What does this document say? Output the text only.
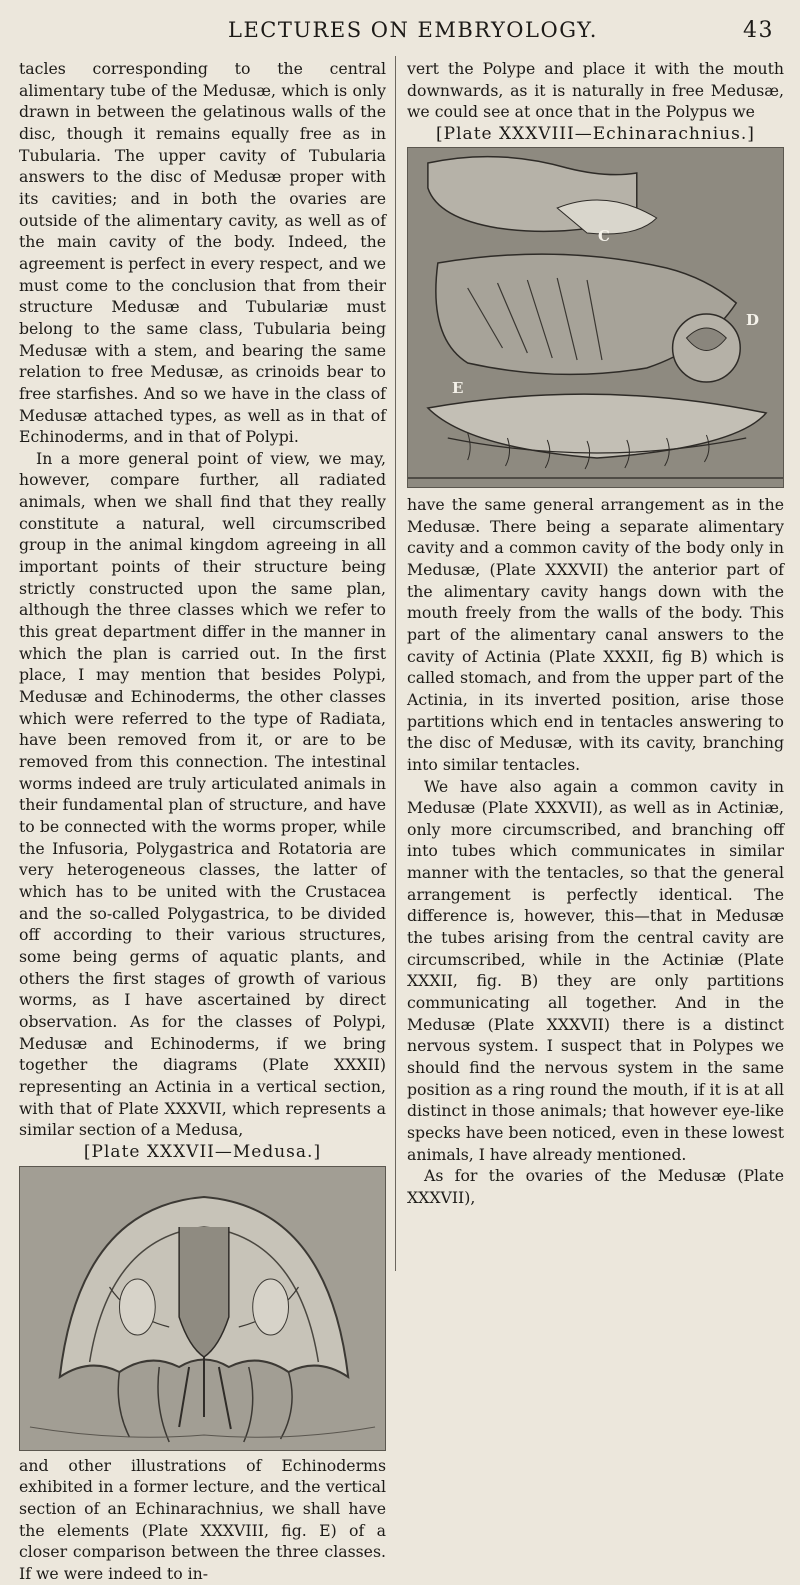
LECTURES ON EMBRYOLOGY.	43

tacles corresponding to the central alimentary tube of the Medusæ, which is only drawn in between the gelatinous walls of the disc, though it remains equally free as in Tubularia. The upper cavity of Tubularia answers to the disc of Medusæ proper with its cavities; and in both the ovaries are outside of the alimentary cavity, as well as of the main cavity of the body. Indeed, the agreement is perfect in every respect, and we must come to the conclusion that from their structure Medusæ and Tubulariæ must belong to the same class, Tubularia being Medusæ with a stem, and bearing the same relation to free Medusæ, as crinoids bear to free starfishes. And so we have in the class of Medusæ attached types, as well as in that of Echinoderms, and in that of Polypi.

In a more general point of view, we may, however, compare further, all radiated animals, when we shall find that they really constitute a natural, well circumscribed group in the animal kingdom agreeing in all important points of their structure being strictly constructed upon the same plan, although the three classes which we refer to this great department differ in the manner in which the plan is carried out. In the first place, I may mention that besides Polypi, Medusæ and Echinoderms, the other classes which were referred to the type of Radiata, have been removed from it, or are to be removed from this connection. The intestinal worms indeed are truly articulated animals in their fundamental plan of structure, and have to be connected with the worms proper, while the Infusoria, Polygastrica and Rotatoria are very heterogeneous classes, the latter of which has to be united with the Crustacea and the so-called Polygastrica, to be divided off according to their various structures, some being germs of aquatic plants, and others the first stages of growth of various worms, as I have ascertained by direct observation. As for the classes of Polypi, Medusæ and Echinoderms, if we bring together the diagrams (Plate XXXII) representing an Actinia in a vertical section, with that of Plate XXXVII, which represents a similar section of a Medusa,

[Plate XXXVII—Medusa.]

and other illustrations of Echinoderms exhibited in a former lecture, and the vertical section of an Echinarachnius, we shall have the elements (Plate XXXVIII, fig. E) of a closer comparison between the three classes. If we were indeed to in-

vert the Polype and place it with the mouth downwards, as it is naturally in free Medusæ, we could see at once that in the Polypus we

[Plate XXXVIII—Echinarachnius.]

C
D
E

have the same general arrangement as in the Medusæ. There being a separate alimentary cavity and a common cavity of the body only in Medusæ, (Plate XXXVII) the anterior part of the alimentary cavity hangs down with the mouth freely from the walls of the body. This part of the alimentary canal answers to the cavity of Actinia (Plate XXXII, fig B) which is called stomach, and from the upper part of the Actinia, in its inverted position, arise those partitions which end in tentacles answering to the disc of Medusæ, with its cavity, branching into similar tentacles.

We have also again a common cavity in Medusæ (Plate XXXVII), as well as in Actiniæ, only more circumscribed, and branching off into tubes which communicates in similar manner with the tentacles, so that the general arrangement is perfectly identical. The difference is, however, this—that in Medusæ the tubes arising from the central cavity are circumscribed, while in the Actiniæ (Plate XXXII, fig. B) they are only partitions communicating all together. And in the Medusæ (Plate XXXVII) there is a distinct nervous system. I suspect that in Polypes we should find the nervous system in the same position as a ring round the mouth, if it is at all distinct in those animals; that however eye-like specks have been noticed, even in these lowest animals, I have already mentioned.

As for the ovaries of the Medusæ (Plate XXXVII),
